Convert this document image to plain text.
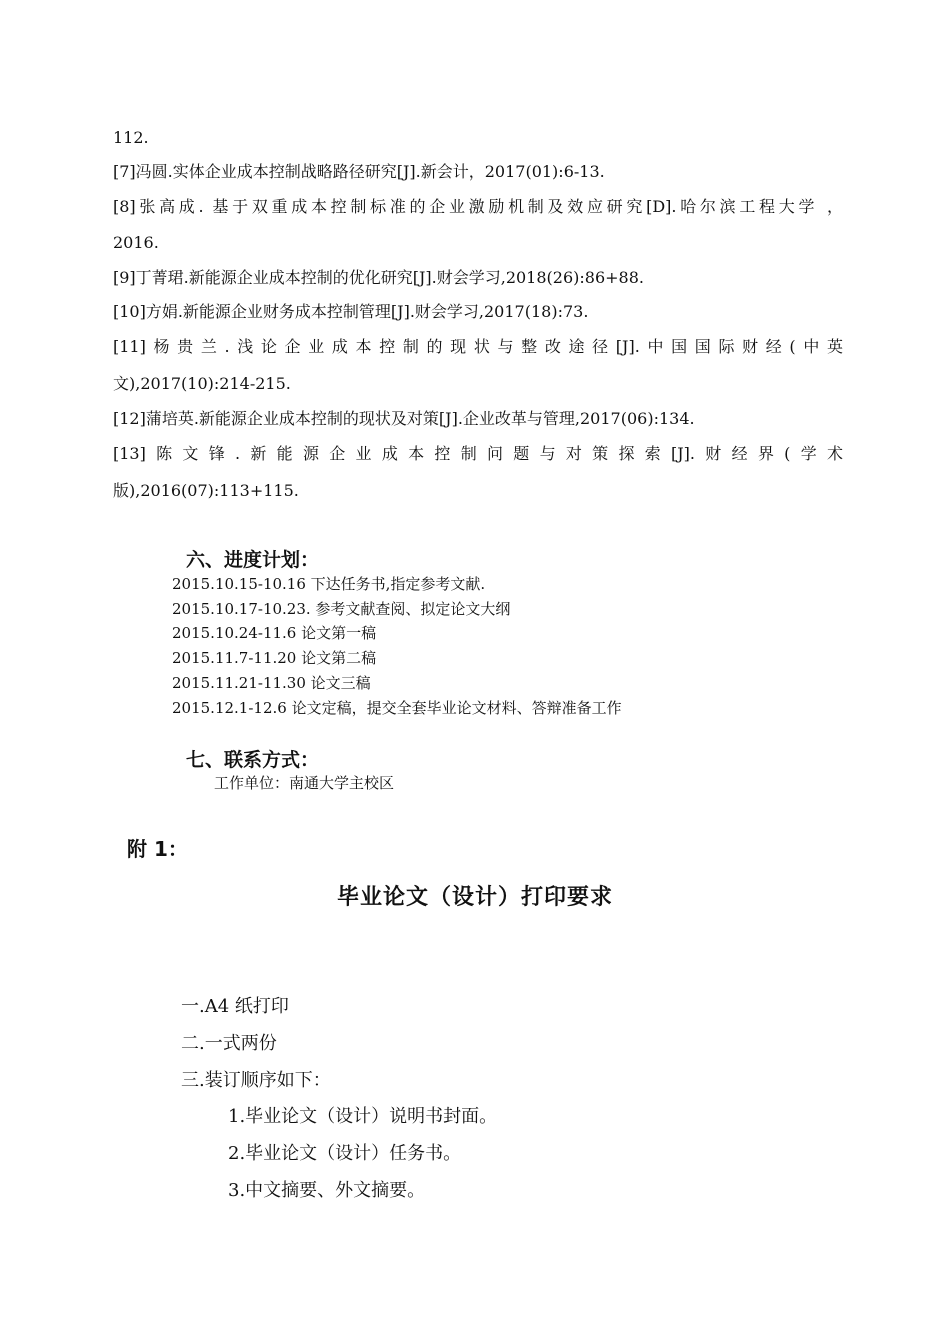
112.
[7]冯圆.实体企业成本控制战略路径研究[J].新会计，2017(01):6-13.
[8]张高成. 基于双重成本控制标准的企业激励机制及效应研究[D].哈尔滨工程大学 ，
2016.
[9]丁菁珺.新能源企业成本控制的优化研究[J].财会学习,2018(26):86+88.
[10]方娟.新能源企业财务成本控制管理[J].财会学习,2017(18):73.
[11]杨贵兰.浅论企业成本控制的现状与整改途径[J].中国国际财经(中英
文),2017(10):214-215.
[12]蒲培英.新能源企业成本控制的现状及对策[J].企业改革与管理,2017(06):134.
[13]陈文锋.新能源企业成本控制问题与对策探索[J].财经界(学术
版),2016(07):113+115.
六、进度计划：
2015.10.15-10.16 下达任务书,指定参考文献.
2015.10.17-10.23. 参考文献查阅、拟定论文大纲
2015.10.24-11.6 论文第一稿
2015.11.7-11.20 论文第二稿
2015.11.21-11.30 论文三稿
2015.12.1-12.6 论文定稿，提交全套毕业论文材料、答辩准备工作
七、联系方式：
工作单位：南通大学主校区
附 1：
毕业论文（设计）打印要求
一.A4 纸打印
二.一式两份
三.装订顺序如下：
1.毕业论文（设计）说明书封面。
2.毕业论文（设计）任务书。
3.中文摘要、外文摘要。
